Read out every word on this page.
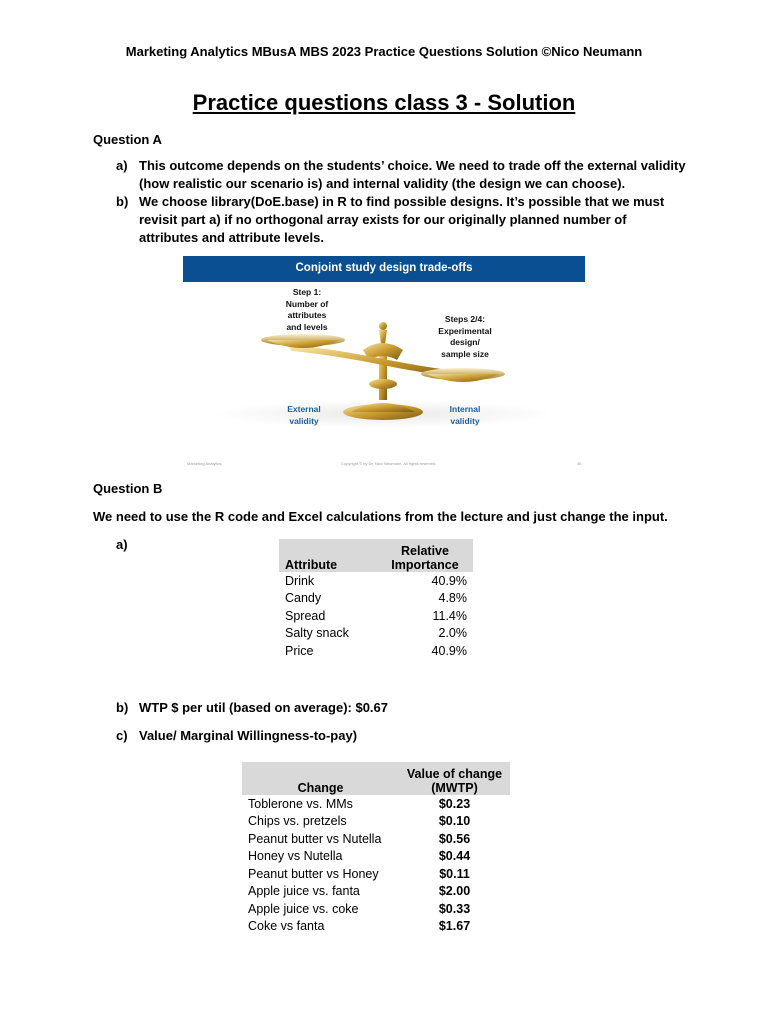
Marketing Analytics MBusA MBS 2023 Practice Questions Solution ©Nico Neumann
Practice questions class 3 - Solution
Question A
a) This outcome depends on the students’ choice. We need to trade off the external validity (how realistic our scenario is) and internal validity (the design we can choose).
b) We choose library(DoE.base) in R to find possible designs. It’s possible that we must revisit part a) if no orthogonal array exists for our originally planned number of attributes and attribute levels.
Conjoint study design trade-offs
Step 1:
Number of
attributes
and levels
Steps 2/4:
Experimental
design/
sample size
External
validity
Internal
validity
Marketing Analytics	Copyright © by Dr. Nico Neumann. All rights reserved.	35
Question B
We need to use the R code and Excel calculations from the lecture and just change the input.
a)
Attribute	Relative
Importance

Drink	40.9%
Candy	4.8%
Spread	11.4%
Salty snack	2.0%
Price	40.9%
b) WTP $ per util (based on average): $0.67
c) Value/ Marginal Willingness-to-pay)
Change	Value of change
(MWTP)

Toblerone vs. MMs	$0.23
Chips vs. pretzels	$0.10
Peanut butter vs Nutella	$0.56
Honey vs Nutella	$0.44
Peanut butter vs Honey	$0.11
Apple juice vs. fanta	$2.00
Apple juice vs. coke	$0.33
Coke vs fanta	$1.67
